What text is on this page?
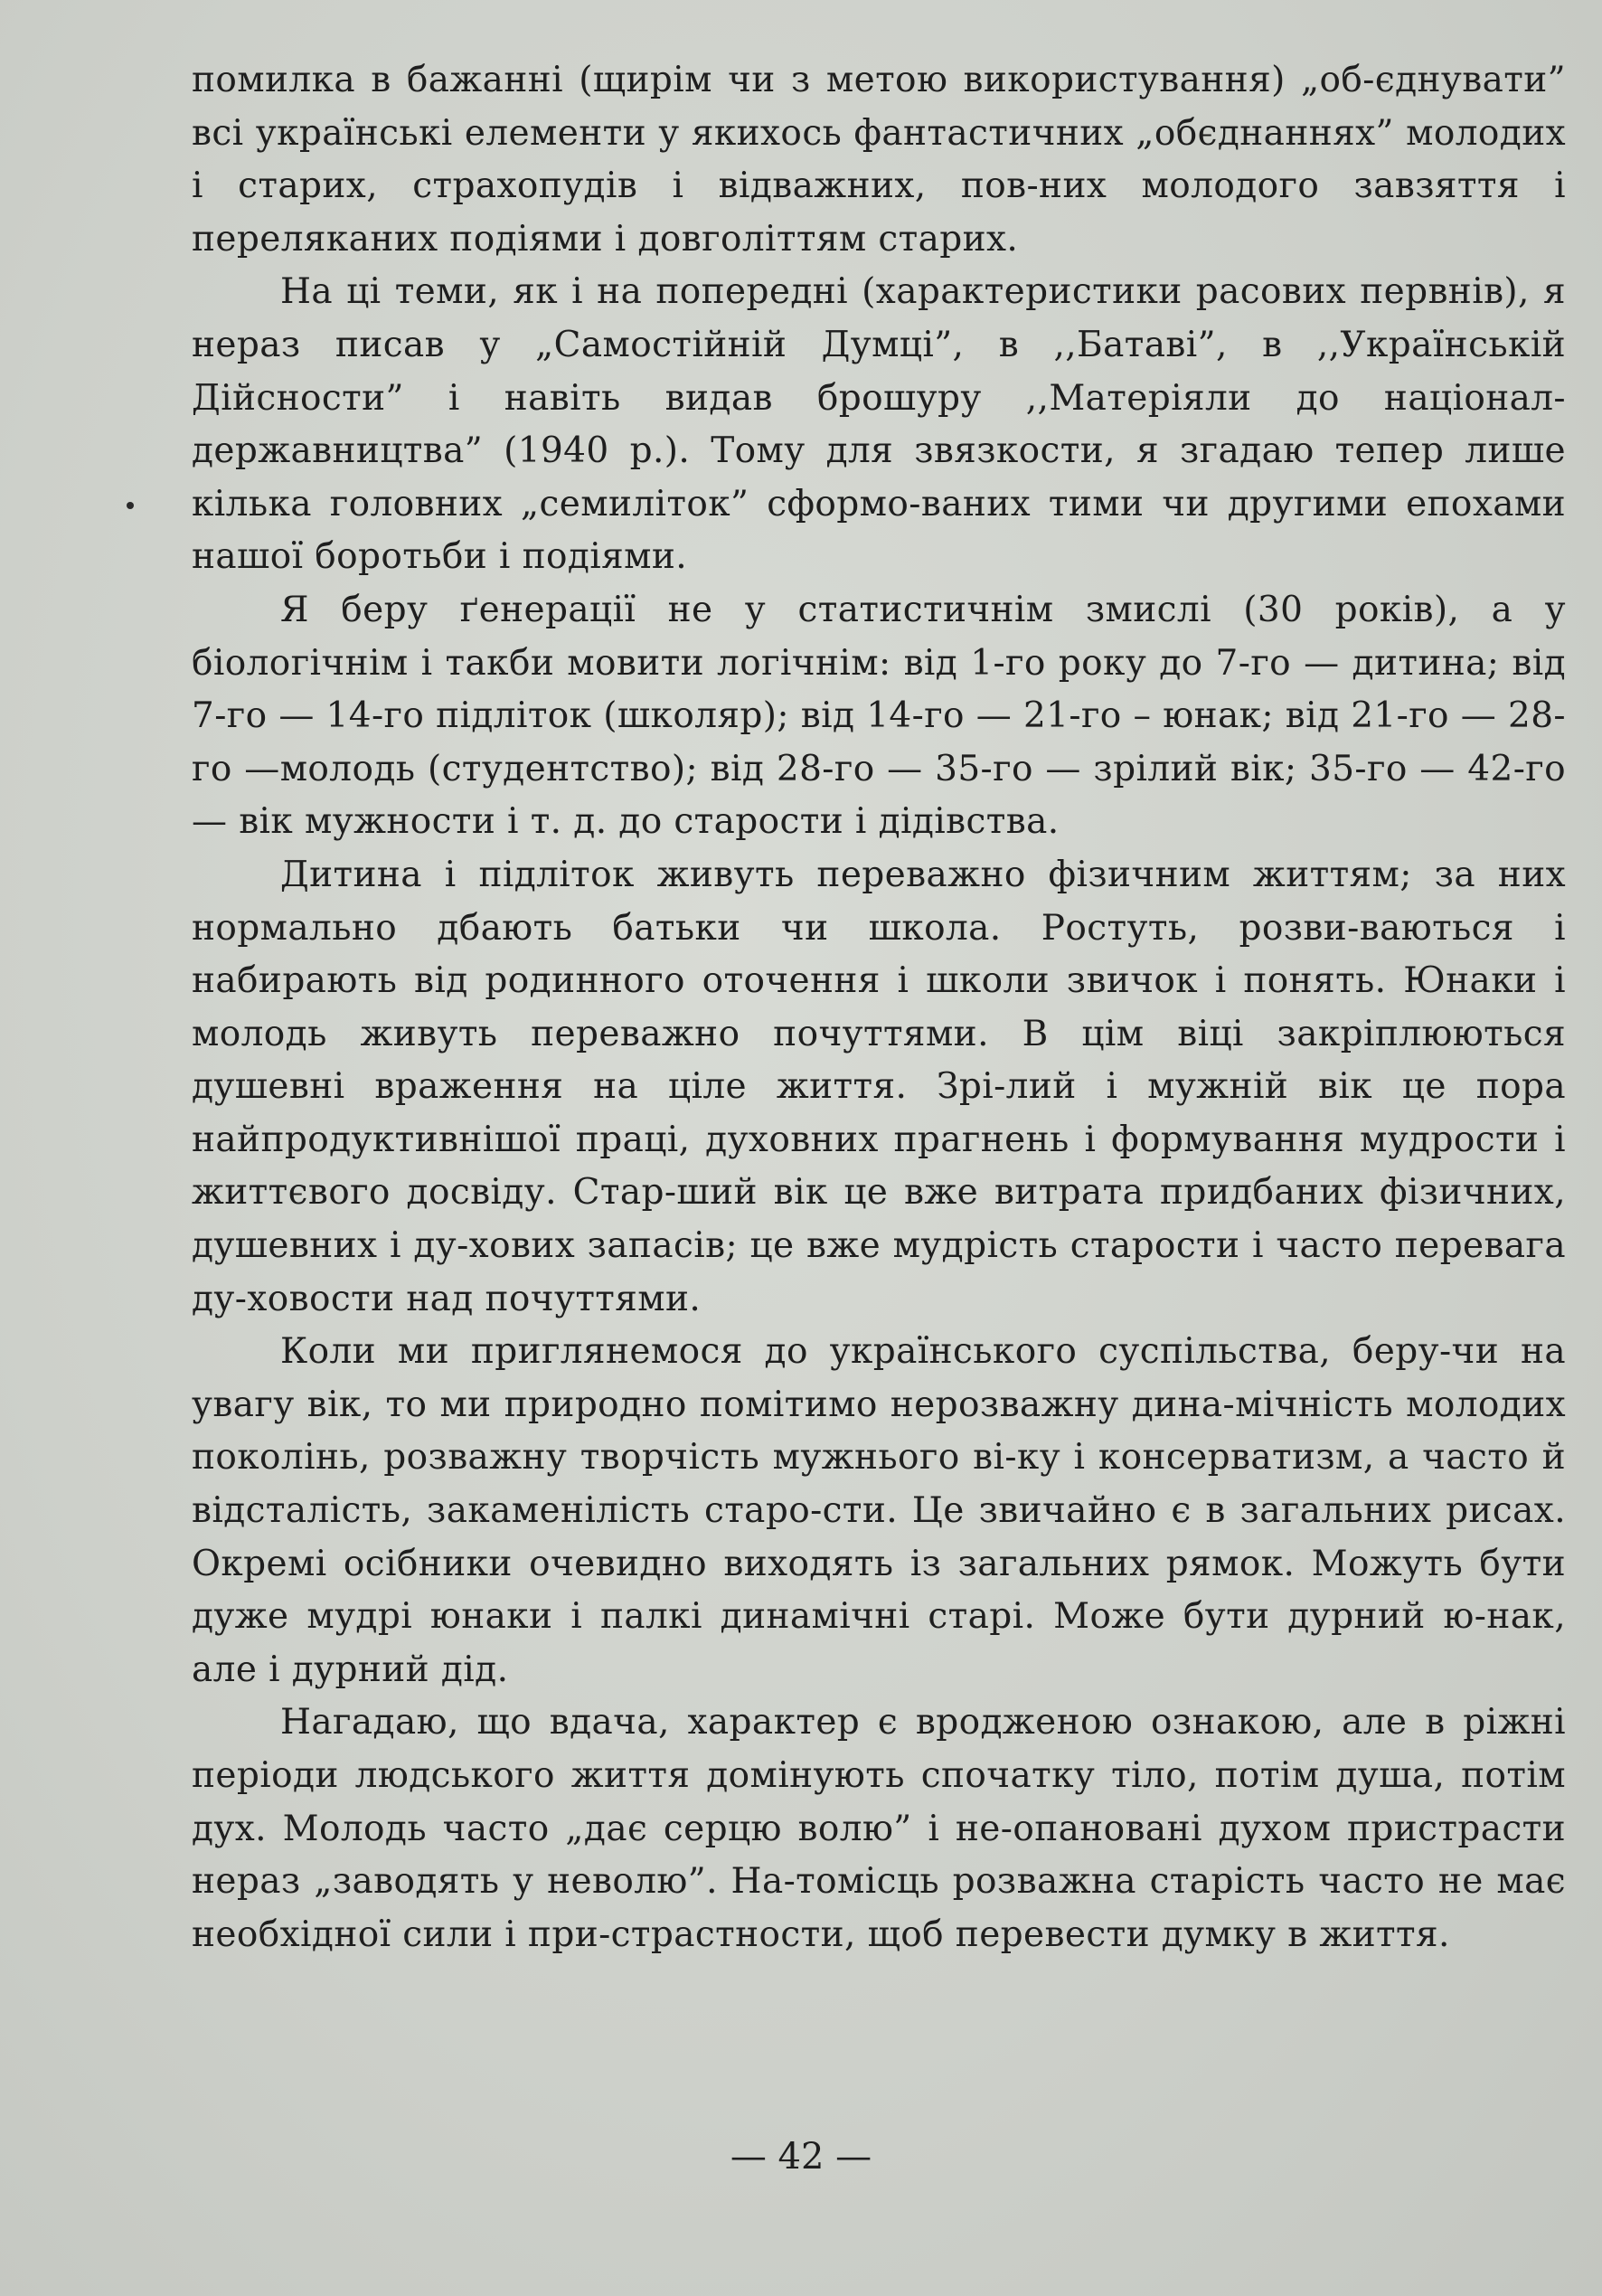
помилка в бажанні (щирім чи з метою використування) „об-єднувати” всі українські елементи у якихось фантастичних „обєднаннях” молодих і старих, страхопудів і відважних, пов-них молодого завзяття і переляканих подіями і довголіттям старих.

На ці теми, як і на попередні (характеристики расових первнів), я нераз писав у „Самостійній Думці”, в ,,Батаві”, в ,,Українській Дійсности” і навіть видав брошуру ,,Матеріяли до націонал-державництва” (1940 р.). Тому для звязкости, я згадаю тепер лише кілька головних „семиліток” сформо-ваних тими чи другими епохами нашої боротьби і подіями.

Я беру ґенерації не у статистичнім змислі (30 років), а у біологічнім і такби мовити логічнім: від 1-го року до 7-го — дитина; від 7-го — 14-го підліток (школяр); від 14-го — 21-го – юнак; від 21-го — 28-го —молодь (студентство); від 28-го — 35-го — зрілий вік; 35-го — 42-го — вік мужности і т. д. до старости і дідівства.

Дитина і підліток живуть переважно фізичним життям; за них нормально дбають батьки чи школа. Ростуть, розви-ваються і набирають від родинного оточення і школи звичок і понять. Юнаки і молодь живуть переважно почуттями. В цім віці закріплюються душевні враження на ціле життя. Зрі-лий і мужній вік це пора найпродуктивнішої праці, духовних прагнень і формування мудрости і життєвого досвіду. Стар-ший вік це вже витрата придбаних фізичних, душевних і ду-хових запасів; це вже мудрість старости і часто перевага ду-ховости над почуттями.

Коли ми приглянемося до українського суспільства, беру-чи на увагу вік, то ми природно помітимо нерозважну дина-мічність молодих поколінь, розважну творчість мужнього ві-ку і консерватизм, а часто й відсталість, закаменілість старо-сти. Це звичайно є в загальних рисах. Окремі осібники очевидно виходять із загальних рямок. Можуть бути дуже мудрі юнаки і палкі динамічні старі. Може бути дурний ю-нак, але і дурний дід.

Нагадаю, що вдача, характер є вродженою ознакою, але в ріжні періоди людського життя домінують спочатку тіло, потім душа, потім дух. Молодь часто „дає серцю волю” і не-опановані духом пристрасти нераз „заводять у неволю”. На-томісць розважна старість часто не має необхідної сили і при-страстности, щоб перевести думку в життя.

— 42 —
